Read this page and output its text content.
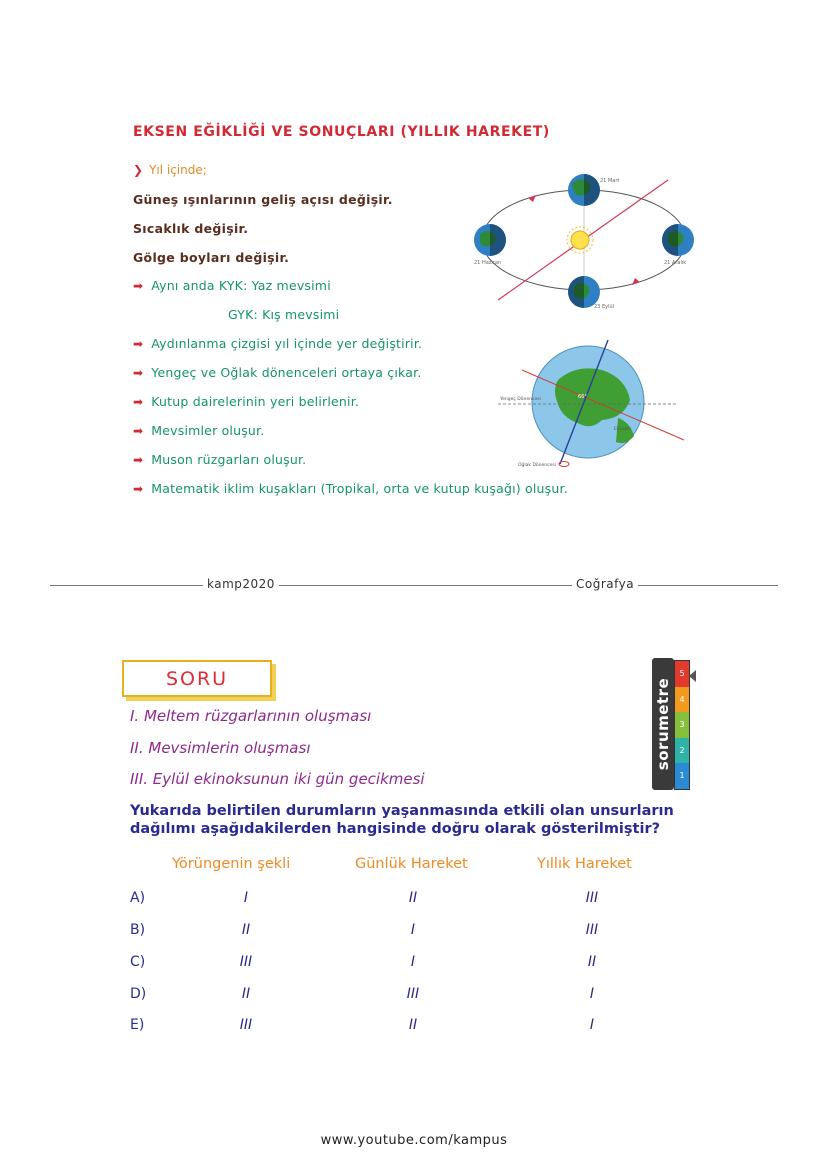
EKSEN EĞİKLİĞİ VE SONUÇLARI (YILLIK HAREKET)
❯ Yıl içinde;
Güneş ışınlarının geliş açısı değişir.
Sıcaklık değişir.
Gölge boyları değişir.
➡ Aynı anda KYK: Yaz mevsimi
GYK: Kış mevsimi
➡ Aydınlanma çizgisi yıl içinde yer değiştirir.
➡ Yengeç ve Oğlak dönenceleri ortaya çıkar.
➡ Kutup dairelerinin yeri belirlenir.
➡ Mevsimler oluşur.
➡ Muson rüzgarları oluşur.
➡ Matematik iklim kuşakları (Tropikal, orta ve kutup kuşağı) oluşur.
21 Mart
21 Haziran
23 Eylül
21 Aralık
Yengeç Dönencesi
Ekvator
Oğlak Dönencesi
66°
kamp2020	Coğrafya
SORU
I. Meltem rüzgarlarının oluşması
II. Mevsimlerin oluşması
III. Eylül ekinoksunun iki gün gecikmesi
Yukarıda belirtilen durumların yaşanmasında etkili olan unsurların dağılımı aşağıdakilerden hangisinde doğru olarak gösterilmiştir?
sorumetre
5
4
3
2
1
Yörüngenin şekli	Günlük Hareket	Yıllık Hareket
A)	I	II	III
B)	II	I	III
C)	III	I	II
D)	II	III	I
E)	III	II	I
www.youtube.com/kampus
